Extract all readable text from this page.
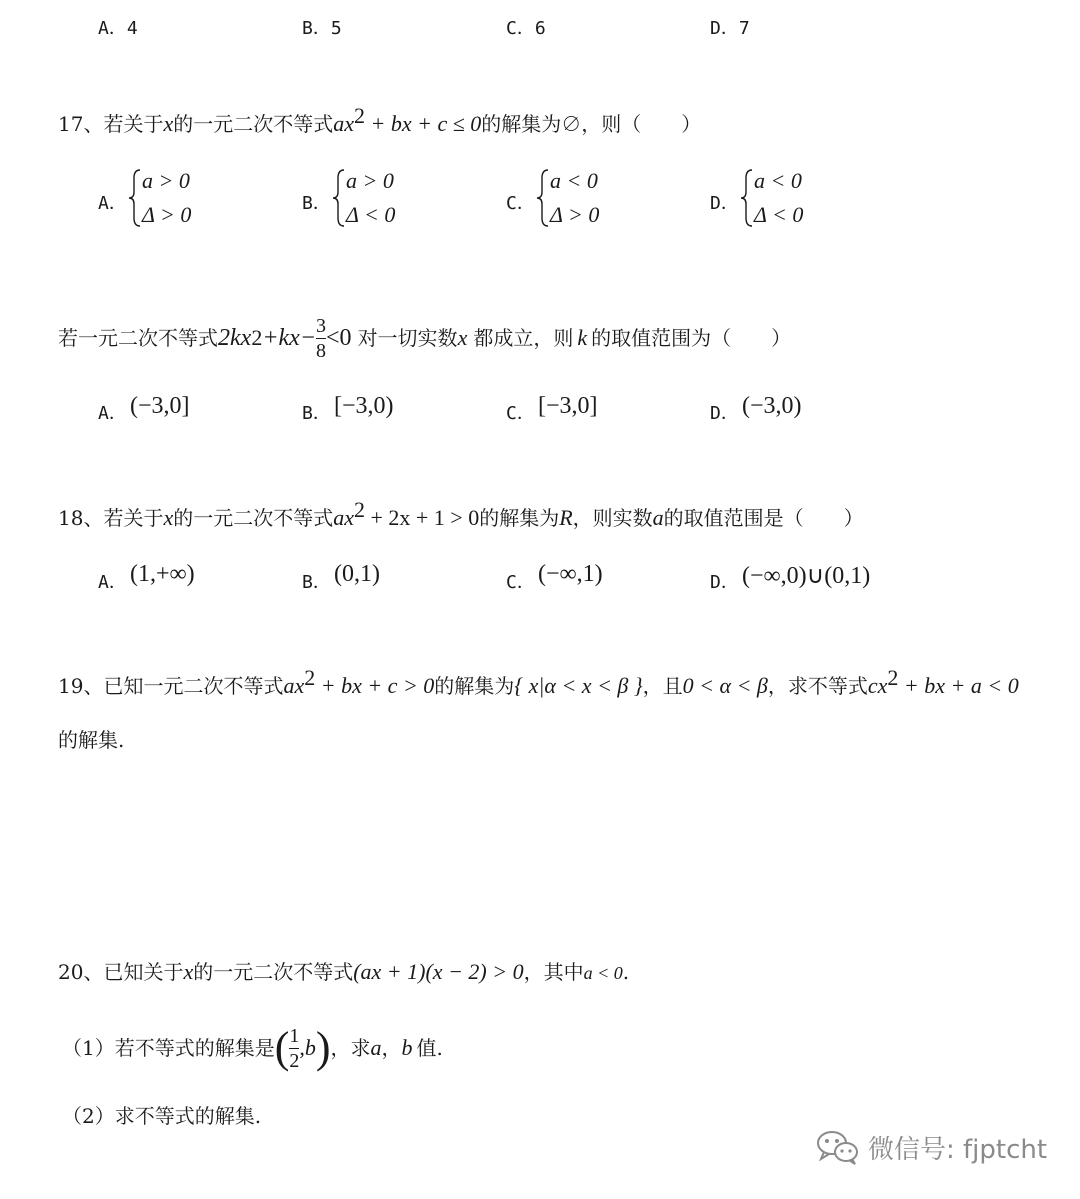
A．4	B．5	C．6	D．7
17、若关于x的一元二次不等式$ax^2$ + bx + c ≤ 0的解集为∅，则（　　）
A．
a > 0
Δ > 0	B．
a > 0
Δ < 0	C．
a < 0
Δ > 0	D．
a < 0
Δ < 0
若一元二次不等式 2kx $2 +kx- \frac{3}{8} <0$ 对一切实数 x 都成立，则 k 的取值范围为（　　）
A． (−3,0]	B． [−3,0)	C． [−3,0]	D． (−3,0)
18、若关于x的一元二次不等式$ax^2 + 2x + 1 > 0$的解集为R，则实数a的取值范围是（　　）
A． (1,+∞)	B． (0,1)	C． (−∞,1)	D． (−∞,0)∪(0,1)
19、已知一元二次不等式$ax^2$ + bx + c > 0的解集为{ x|α < x < β }，且0 < α < β，求不等式$cx^2$ + bx + a < 0
的解集.
20、已知关于x的一元二次不等式(ax + 1)(x − 2) > 0，其中a < 0.
（1）若不等式的解集是 ( $\frac{1}{2} ,b$ ) ，求 a ， b 值.
（2）求不等式的解集.
微信号: fjptcht
